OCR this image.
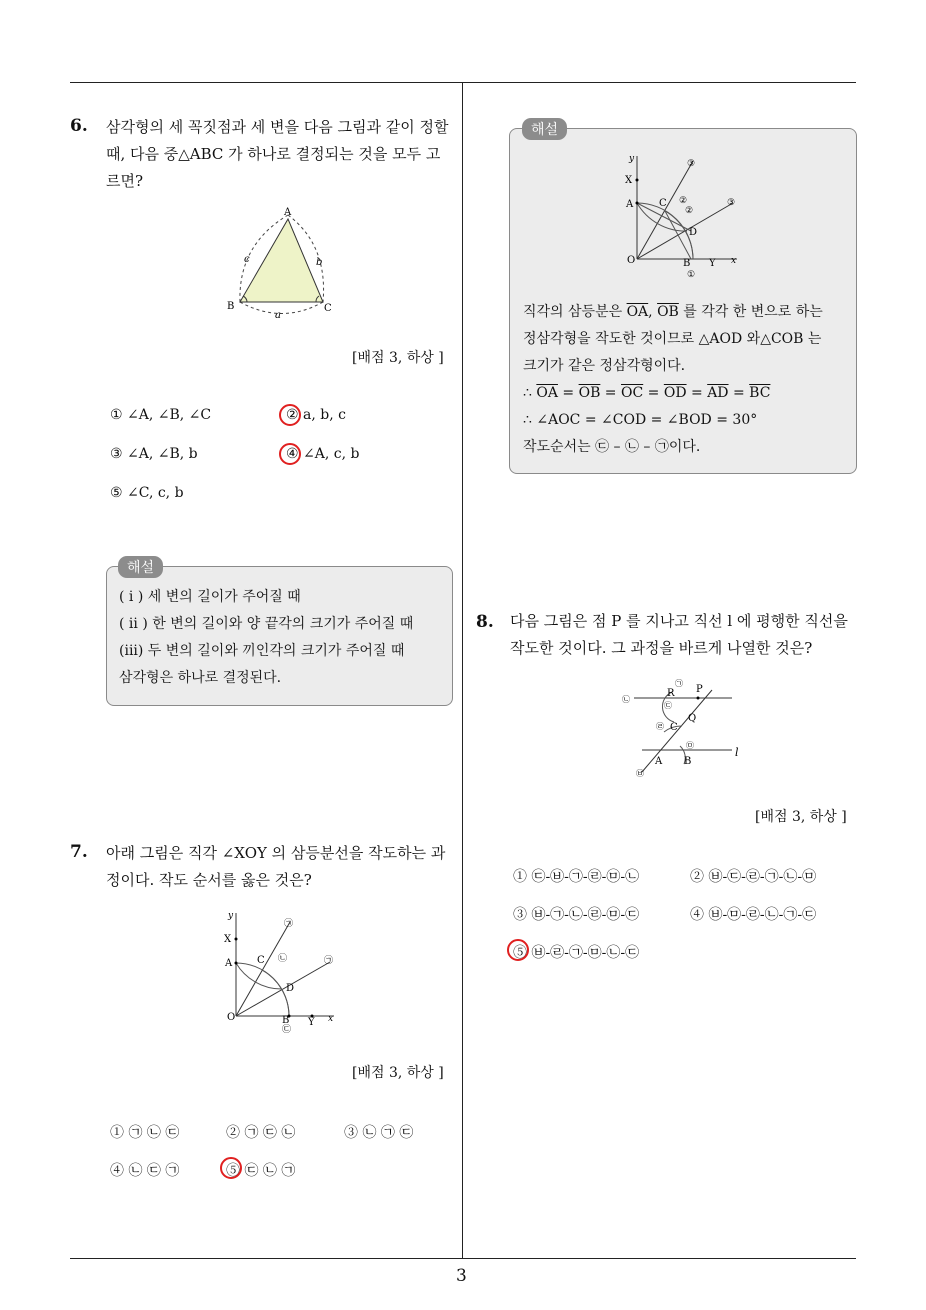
3
6. 삼각형의 세 꼭짓점과 세 변을 다음 그림과 같이 정할
때, 다음 중△ABC 가 하나로 결정되는 것을 모두 고
르면?
A
B	C
c	b
a
[배점 3, 하상 ]
① ∠A, ∠B, ∠C	② a, b, c
③ ∠A, ∠B, b	④ ∠A, c, b
⑤ ∠C, c, b
( i ) 세 변의 길이가 주어질 때
( ii ) 한 변의 길이와 양 끝각의 크기가 주어질 때
(iii) 두 변의 길이와 끼인각의 크기가 주어질 때
삼각형은 하나로 결정된다.
해설
7. 아래 그림은 직각 ∠XOY 의 삼등분선을 작도하는 과
정이다. 작도 순서를 옳은 것은?
y
X
A C
D
O	B Y x
㉠
㉡
㉢
㉠
[배점 3, 하상 ]
① ㉠ ㉡ ㉢	② ㉠ ㉢ ㉡	③ ㉡ ㉠ ㉢
④ ㉡ ㉢ ㉠	⑤ ㉢ ㉡ ㉠
y
X
A	C
D
O	B Y x
③
③
②
②
①
직각의 삼등분은 $\overline{OA}$, $\overline{OB}$ 를 각각 한 변으로 하는
정삼각형을 작도한 것이므로 △AOD 와△COB 는
크기가 같은 정삼각형이다.
∴ $\overline{OA} = \overline{OB} = \overline{OC} = \overline{OD} = \overline{AD} = \overline{BC}$
∴ ∠AOC = ∠COD = ∠BOD = 30°
작도순서는 ㉢ – ㉡ – ㉠이다.
해설
8. 다음 그림은 점 P 를 지나고 직선 l 에 평행한 직선을
작도한 것이다. 그 과정을 바르게 나열한 것은?
R P
Q
C
A B
l
㉠
㉡
㉢
㉣
㉤
㉥
[배점 3, 하상 ]
① ㉢-㉥-㉠-㉣-㉤-㉡	② ㉥-㉢-㉣-㉠-㉡-㉤
③ ㉥-㉠-㉡-㉣-㉤-㉢	④ ㉥-㉤-㉣-㉡-㉠-㉢
⑤ ㉥-㉣-㉠-㉤-㉡-㉢
